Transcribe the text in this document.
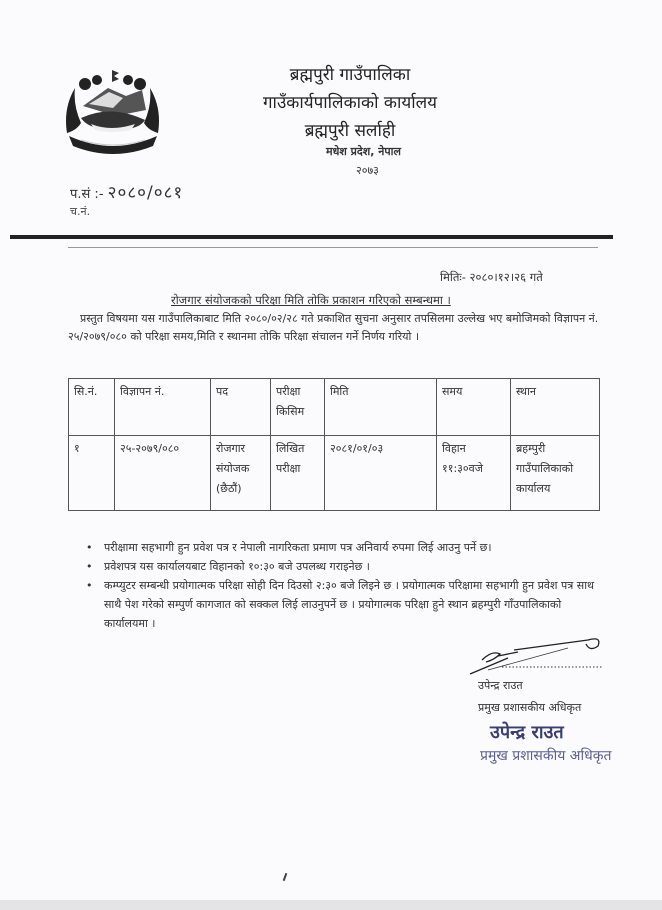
ब्रह्मपुरी गाउँपालिका
गाउँकार्यपालिकाको कार्यालय
ब्रह्मपुरी सर्लाही
मधेश प्रदेश, नेपाल
२०७३
प.सं :- २०८०/०८१
च.नं.
मितिः- २०८०।१२।२६ गते
रोजगार संयोजकको परिक्षा मिति तोकि प्रकाशन गरिएको सम्बन्धमा ।
प्रस्तुत विषयमा यस गाउँपालिकाबाट मिति २०८०/०२/२८ गते प्रकाशित सुचना अनुसार तपसिलमा उल्लेख भए बमोजिमको विज्ञापन नं. २५/२०७९/०८० को परिक्षा समय,मिति र स्थानमा तोकि परिक्षा संचालन गर्ने निर्णय गरियो ।
सि.नं.	विज्ञापन नं.	पद	परीक्षा किसिम	मिति	समय	स्थान
१	२५-२०७९/०८०	रोजगार संयोजक (छैठौं)	लिखित परीक्षा	२०८१/०१/०३	विहान ११:३०वजे	ब्रहम्पुरी गाउँपालिकाको कार्यालय
• परीक्षामा सहभागी हुन प्रवेश पत्र र नेपाली नागरिकता प्रमाण पत्र अनिवार्य रुपमा लिई आउनु पर्ने छ।
• प्रवेशपत्र यस कार्यालयबाट विहानको १०:३० बजे उपलब्ध गराइनेछ ।
• कम्प्युटर सम्बन्धी प्रयोगात्मक परिक्षा सोही दिन दिउसो २:३० बजे लिइने छ । प्रयोगात्मक परिक्षामा सहभागी हुन प्रवेश पत्र साथ साथै पेश गरेको सम्पुर्ण कागजात को सक्कल लिई लाउनुपर्ने छ । प्रयोगात्मक परिक्षा हुने स्थान ब्रहम्पुरी गाँउपालिकाको कार्यालयमा ।
उपेन्द्र राउत
प्रमुख प्रशासकीय अधिकृत
उपेन्द्र राउत
प्रमुख प्रशासकीय अधिकृत
